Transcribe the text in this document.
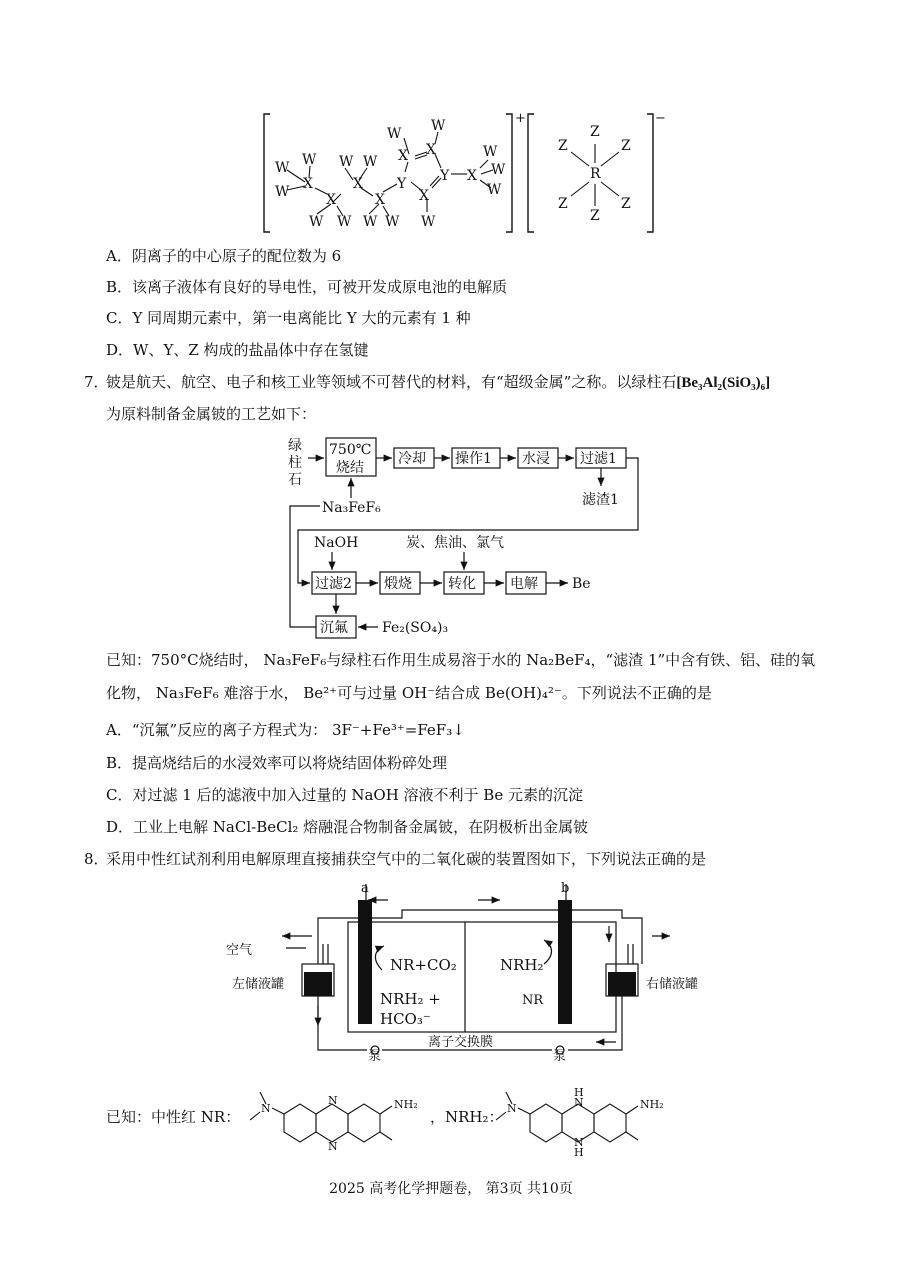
+	−
W
W
W
X
W W
X
W W
X
W W
X
Y
X X
W W
Y
X
W
X
W
W
W
Z
Z	Z
R
Z	Z
Z
A．阴离子的中心原子的配位数为 6
B．该离子液体有良好的导电性，可被开发成原电池的电解质
C．Y 同周期元素中，第一电离能比 Y 大的元素有 1 种
D．W、Y、Z 构成的盐晶体中存在氢键
7．
铍是航天、航空、电子和核工业等领域不可替代的材料，有“超级金属”之称。以绿柱石[Be₃Al₂(SiO₃)₆]
为原料制备金属铍的工艺如下：
绿
柱
石
750℃
烧结
冷却 操作1 水浸 过滤1
滤渣1
Na₃FeF₆
NaOH	炭、焦油、氯气
过滤2 煅烧	转化 电解 Be
沉氟 Fe₂(SO₄)₃
已知：750°C烧结时， Na₃FeF₆与绿柱石作用生成易溶于水的 Na₂BeF₄，“滤渣 1”中含有铁、铝、硅的氧
化物， Na₃FeF₆ 难溶于水， Be²⁺可与过量 OH⁻结合成 Be(OH)₄²⁻。下列说法不正确的是
A．“沉氟”反应的离子方程式为： 3F⁻+Fe³⁺=FeF₃↓
B．提高烧结后的水浸效率可以将烧结固体粉碎处理
C．对过滤 1 后的滤液中加入过量的 NaOH 溶液不利于 Be 元素的沉淀
D．工业上电解 NaCl-BeCl₂ 熔融混合物制备金属铍，在阴极析出金属铍
8．
采用中性红试剂利用电解原理直接捕获空气中的二氧化碳的装置图如下，下列说法正确的是
a	b
空气
左储液罐	右储液罐
NR+CO₂
NRH₂ +
HCO₃⁻
NRH₂
NR
离子交换膜
泵	泵
已知：中性红 NR： N
N
N
NH₂
，NRH₂： N
H
N
N
H
NH₂
2025 高考化学押题卷， 第3页 共10页
